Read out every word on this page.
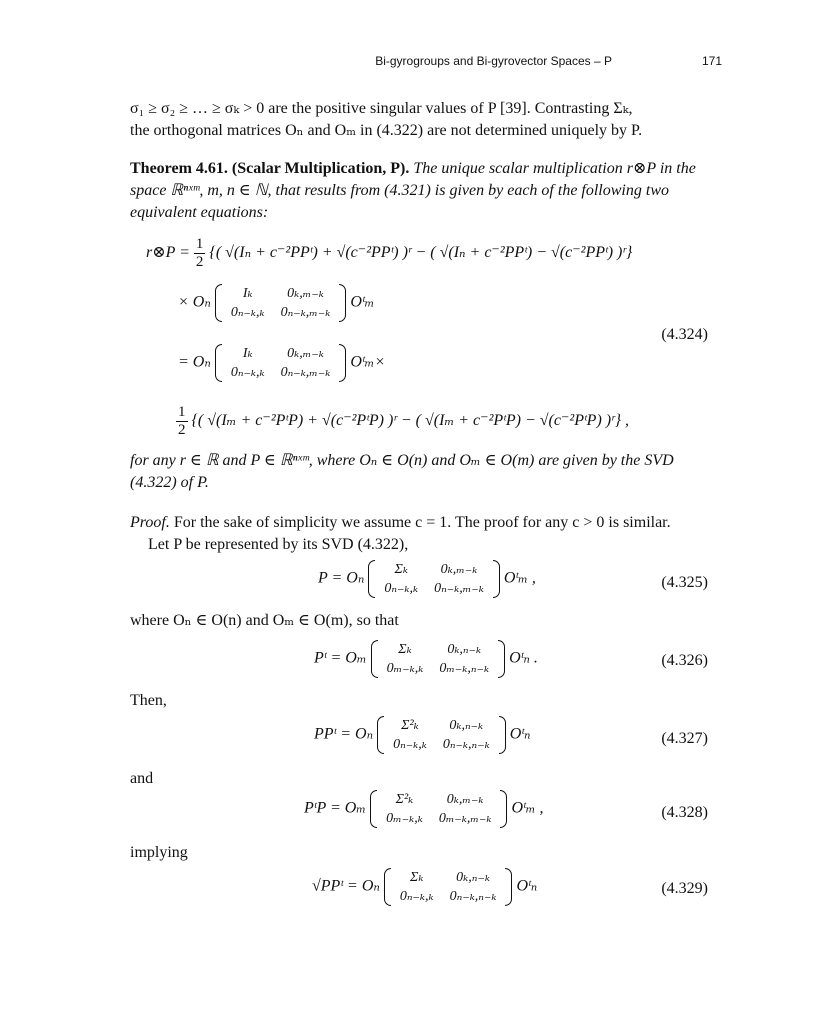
Bi-gyrogroups and Bi-gyrovector Spaces – P	171
σ₁ ≥ σ₂ ≥ … ≥ σₖ > 0 are the positive singular values of P [39]. Contrasting Σₖ,
the orthogonal matrices Oₙ and Oₘ in (4.322) are not determined uniquely by P.
Theorem 4.61. (Scalar Multiplication, P). The unique scalar multiplication r⊗P in the space ℝⁿˣᵐ, m, n ∈ ℕ, that results from (4.321) is given by each of the following two equivalent equations:
r⊗P = $\frac{1}{2}$ {( √(Iₙ + c⁻²PPᵗ) + √(c⁻²PPᵗ) )ʳ − ( √(Iₙ + c⁻²PPᵗ) − √(c⁻²PPᵗ) )ʳ}
× Oₙ
Iₖ	0ₖ,ₘ₋ₖ
0ₙ₋ₖ,ₖ	0ₙ₋ₖ,ₘ₋ₖ
Oᵗₘ
(4.324)
= Oₙ
Iₖ	0ₖ,ₘ₋ₖ
0ₙ₋ₖ,ₖ	0ₙ₋ₖ,ₘ₋ₖ
Oᵗₘ×
$\frac{1}{2}$ {( √(Iₘ + c⁻²PᵗP) + √(c⁻²PᵗP) )ʳ − ( √(Iₘ + c⁻²PᵗP) − √(c⁻²PᵗP) )ʳ} ,
for any r ∈ ℝ and P ∈ ℝⁿˣᵐ, where Oₙ ∈ O(n) and Oₘ ∈ O(m) are given by the SVD (4.322) of P.
Proof. For the sake of simplicity we assume c = 1. The proof for any c > 0 is similar.
Let P be represented by its SVD (4.322),
P = Oₙ
Σₖ	0ₖ,ₘ₋ₖ
0ₙ₋ₖ,ₖ	0ₙ₋ₖ,ₘ₋ₖ
Oᵗₘ ,	(4.325)
where Oₙ ∈ O(n) and Oₘ ∈ O(m), so that
Pᵗ = Oₘ
Σₖ	0ₖ,ₙ₋ₖ
0ₘ₋ₖ,ₖ	0ₘ₋ₖ,ₙ₋ₖ
Oᵗₙ .	(4.326)
Then,
PPᵗ = Oₙ
Σ²ₖ	0ₖ,ₙ₋ₖ
0ₙ₋ₖ,ₖ	0ₙ₋ₖ,ₙ₋ₖ
Oᵗₙ	(4.327)
and
PᵗP = Oₘ
Σ²ₖ	0ₖ,ₘ₋ₖ
0ₘ₋ₖ,ₖ	0ₘ₋ₖ,ₘ₋ₖ
Oᵗₘ ,	(4.328)
implying
√PPᵗ = Oₙ
Σₖ	0ₖ,ₙ₋ₖ
0ₙ₋ₖ,ₖ	0ₙ₋ₖ,ₙ₋ₖ
Oᵗₙ	(4.329)
